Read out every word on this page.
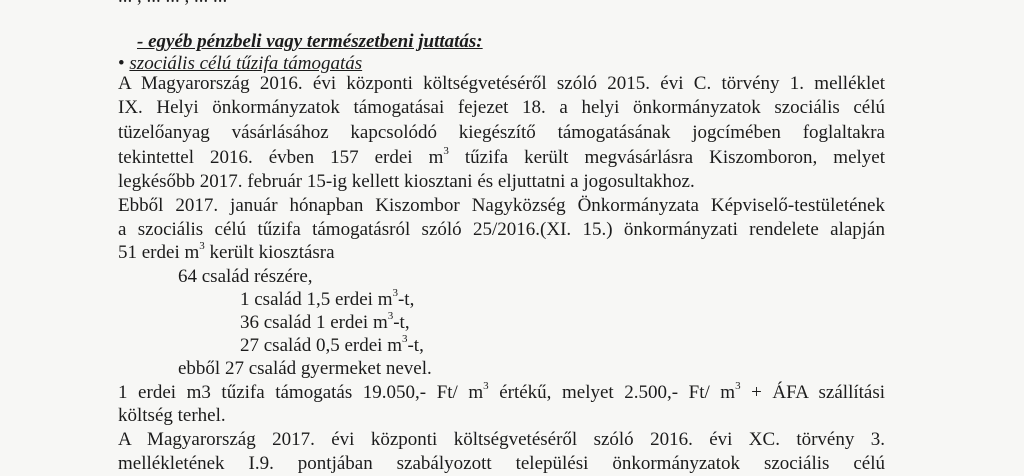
- egyéb pénzbeli vagy természetbeni juttatás:
• szociális célú tűzifa támogatás
A Magyarország 2016. évi központi költségvetéséről szóló 2015. évi C. törvény 1. melléklet
IX. Helyi önkormányzatok támogatásai fejezet 18. a helyi önkormányzatok szociális célú
tüzelőanyag vásárlásához kapcsolódó kiegészítő támogatásának jogcímében foglaltakra
tekintettel 2016. évben 157 erdei $m^3$ tűzifa került megvásárlásra Kiszomboron, melyet
legkésőbb 2017. február 15-ig kellett kiosztani és eljuttatni a jogosultakhoz.
Ebből 2017. január hónapban Kiszombor Nagyközség Önkormányzata Képviselő-testületének
a szociális célú tűzifa támogatásról szóló 25/2016.(XI. 15.) önkormányzati rendelete alapján
51 erdei $m^3$ került kiosztásra
64 család részére,
1 család 1,5 erdei $m^3-t$,
36 család 1 erdei $m^3-t$,
27 család 0,5 erdei $m^3-t$,
ebből 27 család gyermeket nevel.
1 erdei m3 tűzifa támogatás 19.050,- Ft/ $m^3$ értékű, melyet 2.500,- Ft/ $m^3$ + ÁFA szállítási
költség terhel.
A Magyarország 2017. évi központi költségvetéséről szóló 2016. évi XC. törvény 3.
mellékletének I.9. pontjában szabályozott települési önkormányzatok szociális célú
